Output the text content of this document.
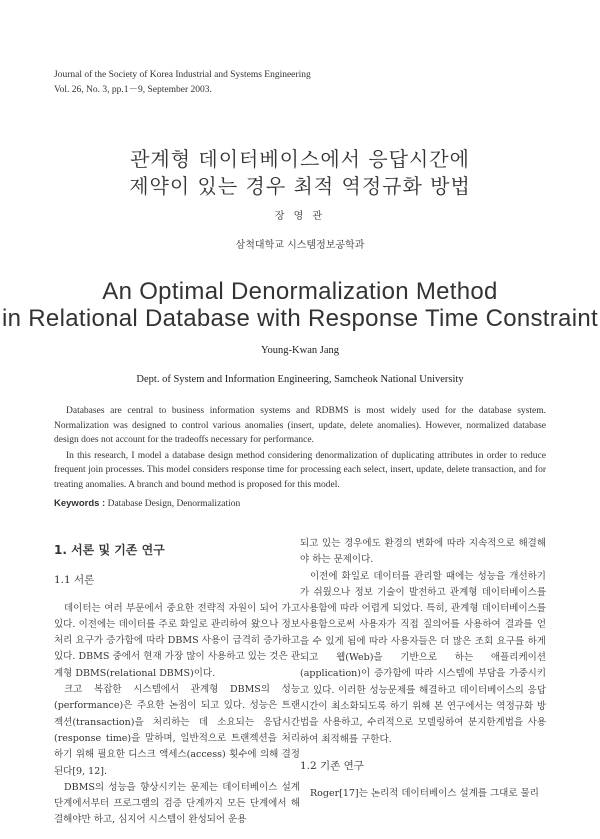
Journal of the Society of Korea Industrial and Systems Engineering
Vol. 26, No. 3, pp.1－9, September 2003.
관계형 데이터베이스에서 응답시간에
제약이 있는 경우 최적 역정규화 방법
장 영 관
삼척대학교 시스템정보공학과
An Optimal Denormalization Method
in Relational Database with Response Time Constraint
Young-Kwan Jang
Dept. of System and Information Engineering, Samcheok National University

Databases are central to business information systems and RDBMS is most widely used for the database system. Normalization was designed to control various anomalies (insert, update, delete anomalies). However, normalized database design does not account for the tradeoffs necessary for performance.

In this research, I model a database design method considering denormalization of duplicating attributes in order to reduce frequent join processes. This model considers response time for processing each select, insert, update, delete transaction, and for treating anomalies. A branch and bound method is proposed for this model.

Keywords : Database Design, Denormalization
1. 서론 및 기존 연구
1.1 서론

데이터는 여러 부문에서 중요한 전략적 자원이 되어 가고 있다. 이전에는 데이터를 주로 화일로 관리하여 왔으나 정보처리 요구가 증가함에 따라 DBMS 사용이 급격히 증가하고 있다. DBMS 중에서 현재 가장 많이 사용하고 있는 것은 관계형 DBMS(relational DBMS)이다.

크고 복잡한 시스템에서 관계형 DBMS의 성능(performance)은 주요한 논점이 되고 있다. 성능은 트랜젝션(transaction)을 처리하는 데 소요되는 응답시간(response time)을 말하며, 일반적으로 트랜젝션을 처리하기 위해 필요한 디스크 액세스(access) 횟수에 의해 결정된다[9, 12].

DBMS의 성능을 향상시키는 문제는 데이터베이스 설계 단계에서부터 프로그램의 검증 단계까지 모든 단계에서 해결해야만 하고, 심지어 시스템이 완성되어 운용

되고 있는 경우에도 환경의 변화에 따라 지속적으로 해결해야 하는 문제이다.

이전에 화일로 데이터를 관리할 때에는 성능을 개선하기가 쉬웠으나 정보 기술이 발전하고 관계형 데이터베이스를 사용함에 따라 어렵게 되었다. 특히, 관계형 데이터베이스를 사용함으로써 사용자가 직접 질의어를 사용하여 결과를 얻을 수 있게 됨에 따라 사용자들은 더 많은 조회 요구를 하게 되고 웹(Web)을 기반으로 하는 애플리케이션(application)이 증가함에 따라 시스템에 부담을 가중시키고 있다. 이러한 성능문제를 해결하고 데이터베이스의 응답시간이 최소화되도록 하기 위해 본 연구에서는 역정규화 방법을 사용하고, 수리적으로 모델링하여 분지한계법을 사용하여 최적해를 구한다.

1.2 기존 연구

Roger[17]는 논리적 데이터베이스 설계를 그대로 물리
